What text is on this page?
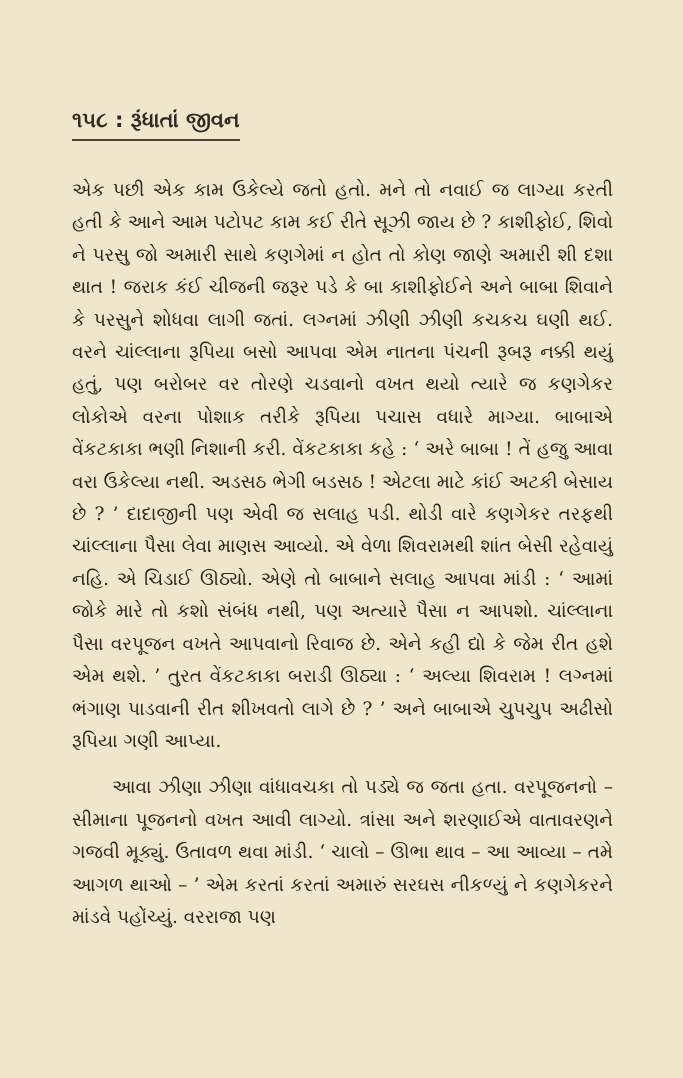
૧૫૮ : રૂંધાતાં જીવન

એક પછી એક કામ ઉકેલ્યે જતો હતો. મને તો નવાઈ જ લાગ્યા કરતી હતી કે આને આમ પટોપટ કામ કઈ રીતે સૂઝી જાય છે ? કાશીફોઈ, શિવો ને પરસુ જો અમારી સાથે કણગેમાં ન હોત તો કોણ જાણે અમારી શી દશા થાત ! જરાક કંઈ ચીજની જરૂર પડે કે બા કાશીફોઈને અને બાબા શિવાને કે પરસુને શોધવા લાગી જતાં. લગ્નમાં ઝીણી ઝીણી કચકચ ઘણી થઈ. વરને ચાંલ્લાના રૂપિયા બસો આપવા એમ નાતના પંચની રૂબરૂ નક્કી થયું હતું, પણ બરોબર વર તોરણે ચડવાનો વખત થયો ત્યારે જ કણગેકર લોકોએ વરના પોશાક તરીકે રૂપિયા પચાસ વધારે માગ્યા. બાબાએ વેંકટકાકા ભણી નિશાની કરી. વેંકટકાકા કહે : ‘ અરે બાબા ! તેં હજુ આવા વરા ઉકેલ્યા નથી. અડસઠ ભેગી બડસઠ ! એટલા માટે કાંઈ અટકી બેસાય છે ? ’ દાદાજીની પણ એવી જ સલાહ પડી. થોડી વારે કણગેકર તરફથી ચાંલ્લાના પૈસા લેવા માણસ આવ્યો. એ વેળા શિવરામથી શાંત બેસી રહેવાયું નહિ. એ ચિડાઈ ઊઠ્યો. એણે તો બાબાને સલાહ આપવા માંડી : ‘ આમાં જોકે મારે તો કશો સંબંધ નથી, પણ અત્યારે પૈસા ન આપશો. ચાંલ્લાના પૈસા વરપૂજન વખતે આપવાનો રિવાજ છે. એને કહી દ્યો કે જેમ રીત હશે એમ થશે. ’ તુરત વેંકટકાકા બરાડી ઊઠ્યા : ‘ અલ્યા શિવરામ ! લગ્નમાં ભંગાણ પાડવાની રીત શીખવતો લાગે છે ? ’ અને બાબાએ ચુપચુપ અઢીસો રૂપિયા ગણી આપ્યા.

આવા ઝીણા ઝીણા વાંધાવચકા તો પડ્યે જ જતા હતા. વરપૂજનનો – સીમાના પૂજનનો વખત આવી લાગ્યો. ત્રાંસા અને શરણાઈએ વાતાવરણને ગજવી મૂક્યું. ઉતાવળ થવા માંડી. ‘ ચાલો – ઊભા થાવ – આ આવ્યા – તમે આગળ થાઓ – ’ એમ કરતાં કરતાં અમારું સરઘસ નીકળ્યું ને કણગેકરને માંડવે પહોંચ્યું. વરરાજા પણ
